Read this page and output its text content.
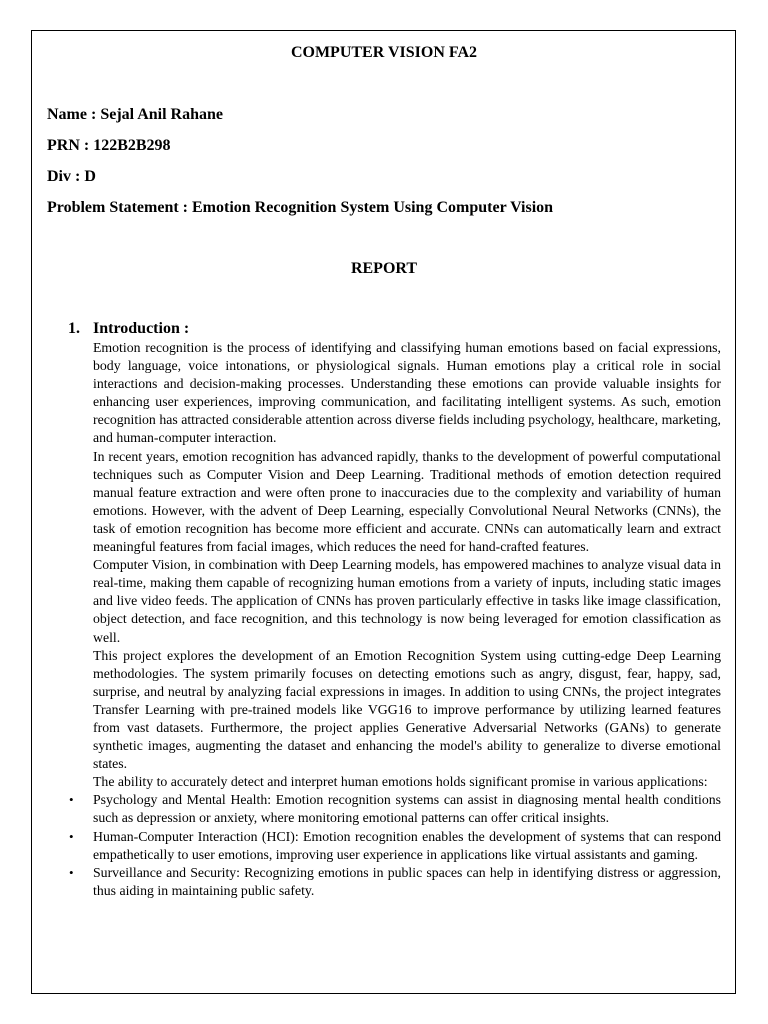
COMPUTER VISION FA2
Name : Sejal Anil Rahane
PRN : 122B2B298
Div : D
Problem Statement : Emotion Recognition System Using Computer Vision
REPORT
1. Introduction :

Emotion recognition is the process of identifying and classifying human emotions based on facial expressions, body language, voice intonations, or physiological signals. Human emotions play a critical role in social interactions and decision-making processes. Understanding these emotions can provide valuable insights for enhancing user experiences, improving communication, and facilitating intelligent systems. As such, emotion recognition has attracted considerable attention across diverse fields including psychology, healthcare, marketing, and human-computer interaction.

In recent years, emotion recognition has advanced rapidly, thanks to the development of powerful computational techniques such as Computer Vision and Deep Learning. Traditional methods of emotion detection required manual feature extraction and were often prone to inaccuracies due to the complexity and variability of human emotions. However, with the advent of Deep Learning, especially Convolutional Neural Networks (CNNs), the task of emotion recognition has become more efficient and accurate. CNNs can automatically learn and extract meaningful features from facial images, which reduces the need for hand-crafted features.

Computer Vision, in combination with Deep Learning models, has empowered machines to analyze visual data in real-time, making them capable of recognizing human emotions from a variety of inputs, including static images and live video feeds. The application of CNNs has proven particularly effective in tasks like image classification, object detection, and face recognition, and this technology is now being leveraged for emotion classification as well.

This project explores the development of an Emotion Recognition System using cutting-edge Deep Learning methodologies. The system primarily focuses on detecting emotions such as angry, disgust, fear, happy, sad, surprise, and neutral by analyzing facial expressions in images. In addition to using CNNs, the project integrates Transfer Learning with pre-trained models like VGG16 to improve performance by utilizing learned features from vast datasets. Furthermore, the project applies Generative Adversarial Networks (GANs) to generate synthetic images, augmenting the dataset and enhancing the model's ability to generalize to diverse emotional states.

The ability to accurately detect and interpret human emotions holds significant promise in various applications:

• Psychology and Mental Health: Emotion recognition systems can assist in diagnosing mental health conditions such as depression or anxiety, where monitoring emotional patterns can offer critical insights.
• Human-Computer Interaction (HCI): Emotion recognition enables the development of systems that can respond empathetically to user emotions, improving user experience in applications like virtual assistants and gaming.
• Surveillance and Security: Recognizing emotions in public spaces can help in identifying distress or aggression, thus aiding in maintaining public safety.
